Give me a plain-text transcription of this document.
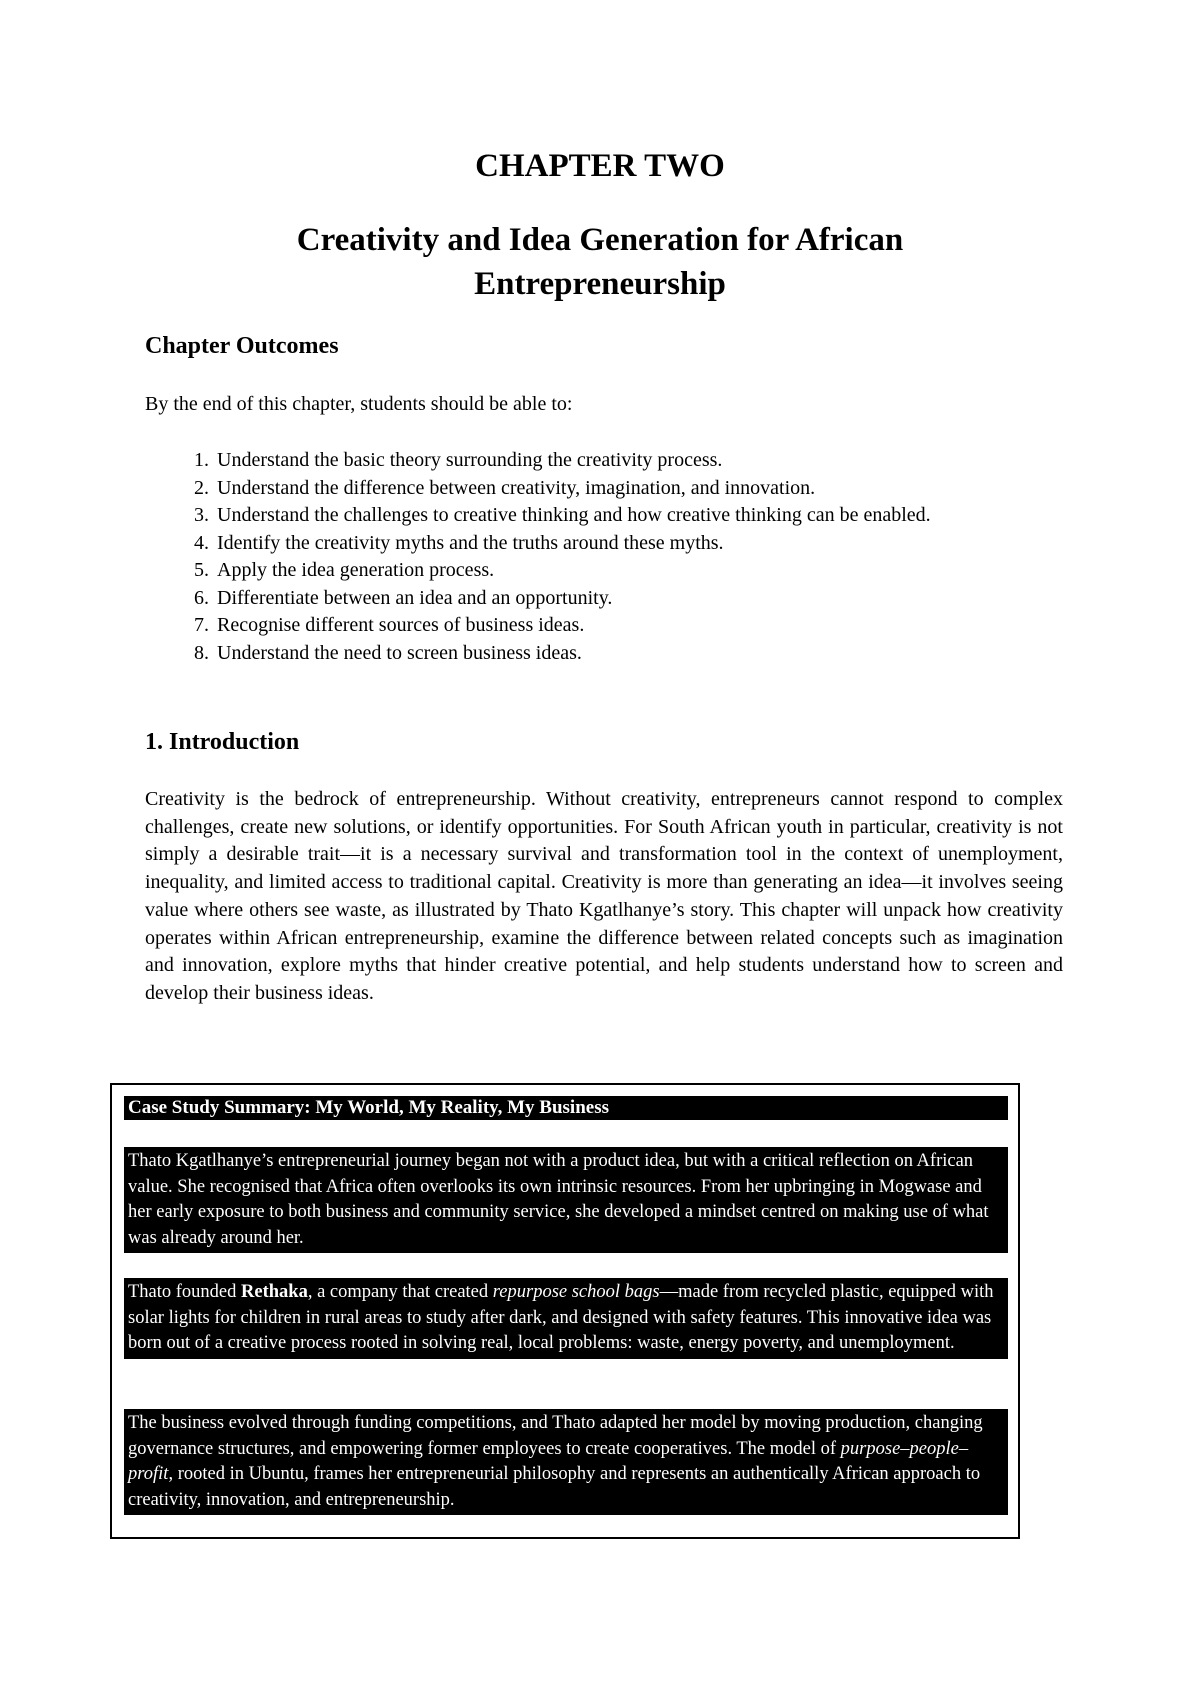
CHAPTER TWO
Creativity and Idea Generation for African Entrepreneurship
Chapter Outcomes
By the end of this chapter, students should be able to:
1. Understand the basic theory surrounding the creativity process.
2. Understand the difference between creativity, imagination, and innovation.
3. Understand the challenges to creative thinking and how creative thinking can be enabled.
4. Identify the creativity myths and the truths around these myths.
5. Apply the idea generation process.
6. Differentiate between an idea and an opportunity.
7. Recognise different sources of business ideas.
8. Understand the need to screen business ideas.
1. Introduction

Creativity is the bedrock of entrepreneurship. Without creativity, entrepreneurs cannot respond to complex challenges, create new solutions, or identify opportunities. For South African youth in particular, creativity is not simply a desirable trait—it is a necessary survival and transformation tool in the context of unemployment, inequality, and limited access to traditional capital. Creativity is more than generating an idea—it involves seeing value where others see waste, as illustrated by Thato Kgatlhanye’s story. This chapter will unpack how creativity operates within African entrepreneurship, examine the difference between related concepts such as imagination and innovation, explore myths that hinder creative potential, and help students understand how to screen and develop their business ideas.

Case Study Summary: My World, My Reality, My Business

Thato Kgatlhanye’s entrepreneurial journey began not with a product idea, but with a critical reflection on African value. She recognised that Africa often overlooks its own intrinsic resources. From her upbringing in Mogwase and her early exposure to both business and community service, she developed a mindset centred on making use of what was already around her.

Thato founded Rethaka, a company that created repurpose school bags—made from recycled plastic, equipped with solar lights for children in rural areas to study after dark, and designed with safety features. This innovative idea was born out of a creative process rooted in solving real, local problems: waste, energy poverty, and unemployment.

The business evolved through funding competitions, and Thato adapted her model by moving production, changing governance structures, and empowering former employees to create cooperatives. The model of purpose–people–profit, rooted in Ubuntu, frames her entrepreneurial philosophy and represents an authentically African approach to creativity, innovation, and entrepreneurship.
